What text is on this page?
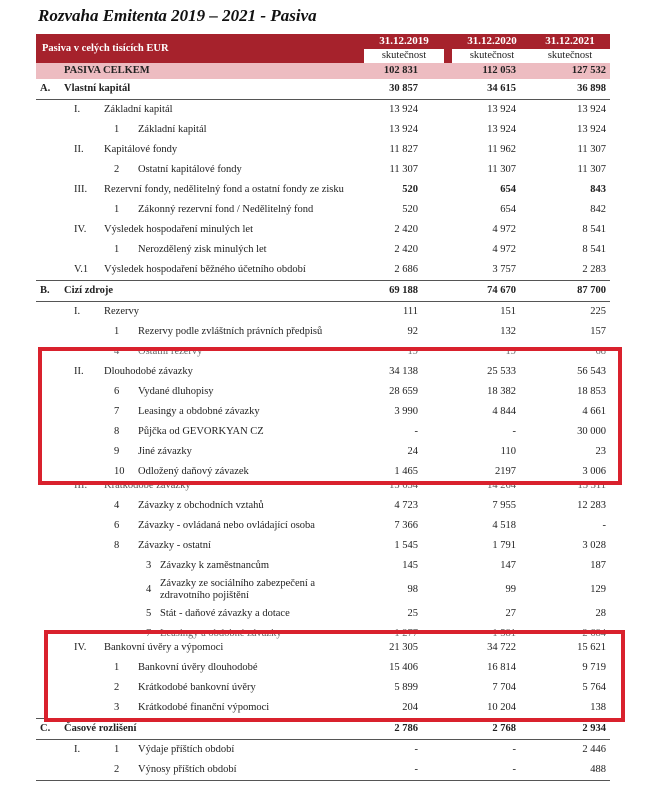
Rozvaha Emitenta 2019 – 2021 - Pasiva
Pasiva v celých tisících EUR
31.12.2019
skutečnost
31.12.2020
skutečnost
31.12.2021
skutečnost
PASIVA CELKEM	102 831	112 053	127 532
A. Vlastní kapitál	30 857	34 615	36 898
I. Základní kapitál	13 924	13 924	13 924
1 Základní kapitál	13 924	13 924	13 924
II. Kapitálové fondy	11 827	11 962	11 307
2 Ostatní kapitálové fondy	11 307	11 307	11 307
III. Rezervní fondy, nedělitelný fond a ostatní fondy ze zisku	520	654	843
1 Zákonný rezervní fond / Nedělitelný fond	520	654	842
IV. Výsledek hospodaření minulých let	2 420	4 972	8 541
1 Nerozdělený zisk minulých let	2 420	4 972	8 541
V.1 Výsledek hospodaření běžného účetního období	2 686	3 757	2 283
B. Cizí zdroje	69 188	74 670	87 700
I. Rezervy	111	151	225
1 Rezervy podle zvláštních právních předpisů	92	132	157
4 Ostatní rezervy	19	19	68
II. Dlouhodobé závazky	34 138	25 533	56 543
6 Vydané dluhopisy	28 659	18 382	18 853
7 Leasingy a obdobné závazky	3 990	4 844	4 661
8 Půjčka od GEVORKYAN CZ	-	-	30 000
9 Jiné závazky	24	110	23
10 Odložený daňový závazek	1 465	2197	3 006
III. Krátkodobé závazky	13 634	14 264	15 311
4 Závazky z obchodních vztahů	4 723	7 955	12 283
6 Závazky - ovládaná nebo ovládající osoba	7 366	4 518	-
8 Závazky - ostatní	1 545	1 791	3 028
3 Závazky k zaměstnancům	145	147	187
4
Závazky ze sociálního zabezpečení a
zdravotního pojištění
98	99	129
5 Stát - daňové závazky a dotace	25	27	28
7 Leasingy a obdobné závazky	1 277	1 581	2 684
IV. Bankovní úvěry a výpomoci	21 305	34 722	15 621
1 Bankovní úvěry dlouhodobé	15 406	16 814	9 719
2 Krátkodobé bankovní úvěry	5 899	7 704	5 764
3 Krátkodobé finanční výpomoci	204	10 204	138
C. Časové rozlišení	2 786	2 768	2 934
I.	1 Výdaje příštích období	-	-	2 446
2 Výnosy příštích období	-	-	488
